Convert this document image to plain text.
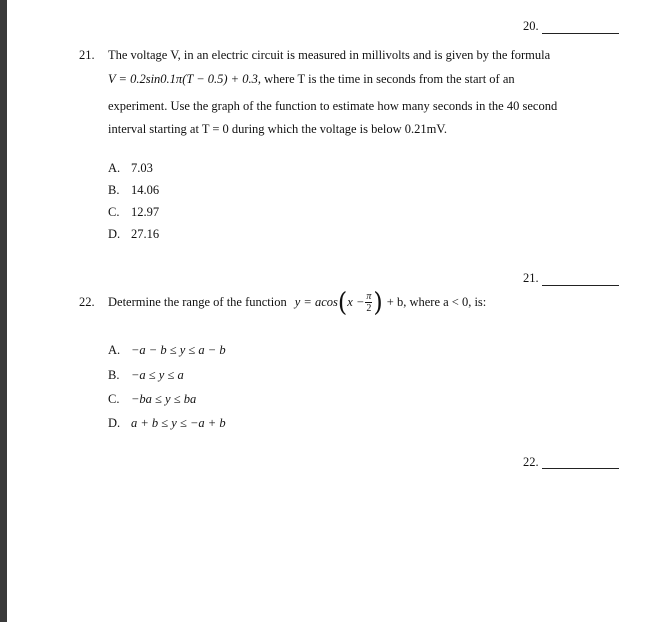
20.
21. The voltage V, in an electric circuit is measured in millivolts and is given by the formula
V = 0.2sin0.1π(T − 0.5) + 0.3, where T is the time in seconds from the start of an
experiment. Use the graph of the function to estimate how many seconds in the 40 second
interval starting at T = 0 during which the voltage is below 0.21mV.
A. 7.03
B. 14.06
C. 12.97
D. 27.16
21.
22. Determine the range of the function y = acos ( $x - \frac{\pi}{2}$ ) + b, where a < 0, is:
A. −a − b ≤ y ≤ a − b
B. −a ≤ y ≤ a
C. −ba ≤ y ≤ ba
D. a + b ≤ y ≤ −a + b
22.
